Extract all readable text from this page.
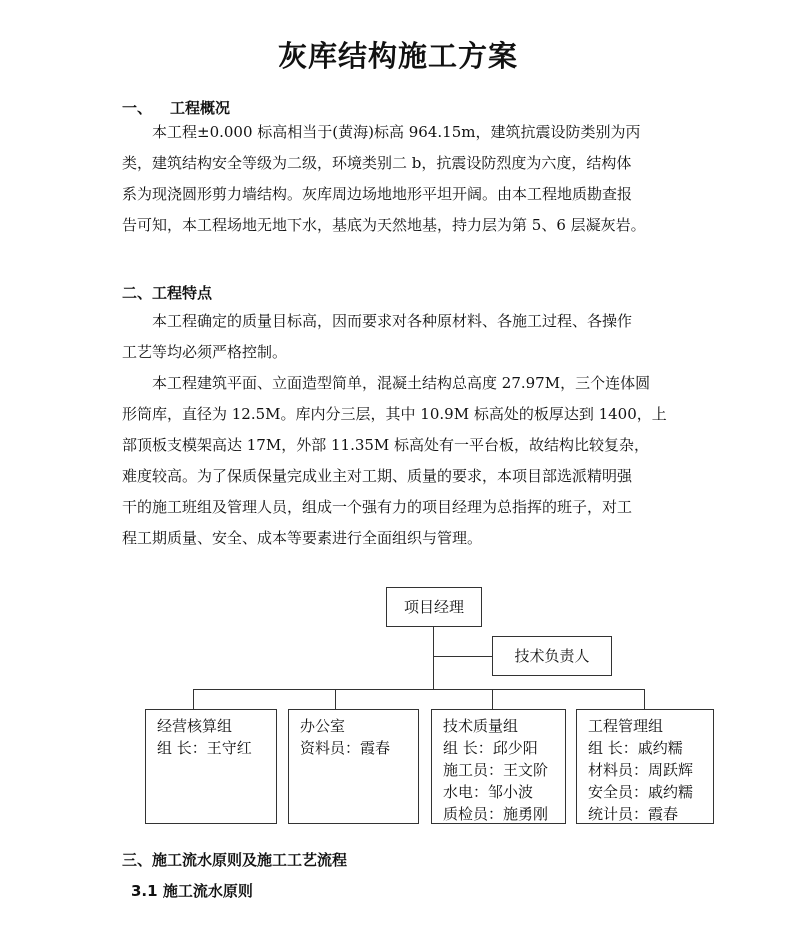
灰库结构施工方案
一、 工程概况
本工程±0.000 标高相当于(黄海)标高 964.15m，建筑抗震设防类别为丙
类，建筑结构安全等级为二级，环境类别二 b，抗震设防烈度为六度，结构体
系为现浇圆形剪力墙结构。灰库周边场地地形平坦开阔。由本工程地质勘查报
告可知，本工程场地无地下水，基底为天然地基，持力层为第 5、6 层凝灰岩。
二、工程特点
本工程确定的质量目标高，因而要求对各种原材料、各施工过程、各操作
工艺等均必须严格控制。
本工程建筑平面、立面造型简单，混凝土结构总高度 27.97M，三个连体圆
形筒库，直径为 12.5M。库内分三层，其中 10.9M 标高处的板厚达到 1400，上
部顶板支模架高达 17M，外部 11.35M 标高处有一平台板，故结构比较复杂，
难度较高。为了保质保量完成业主对工期、质量的要求，本项目部选派精明强
干的施工班组及管理人员，组成一个强有力的项目经理为总指挥的班子，对工
程工期质量、安全、成本等要素进行全面组织与管理。
项目经理
技术负责人
经营核算组
组 长：王守红
办公室
资料员：霞春
技术质量组
组 长：邱少阳
施工员：王文阶
水电：邹小波
质检员：施勇刚
工程管理组
组 长：戚约糯
材料员：周跃辉
安全员：戚约糯
统计员：霞春
三、施工流水原则及施工工艺流程
3.1 施工流水原则
